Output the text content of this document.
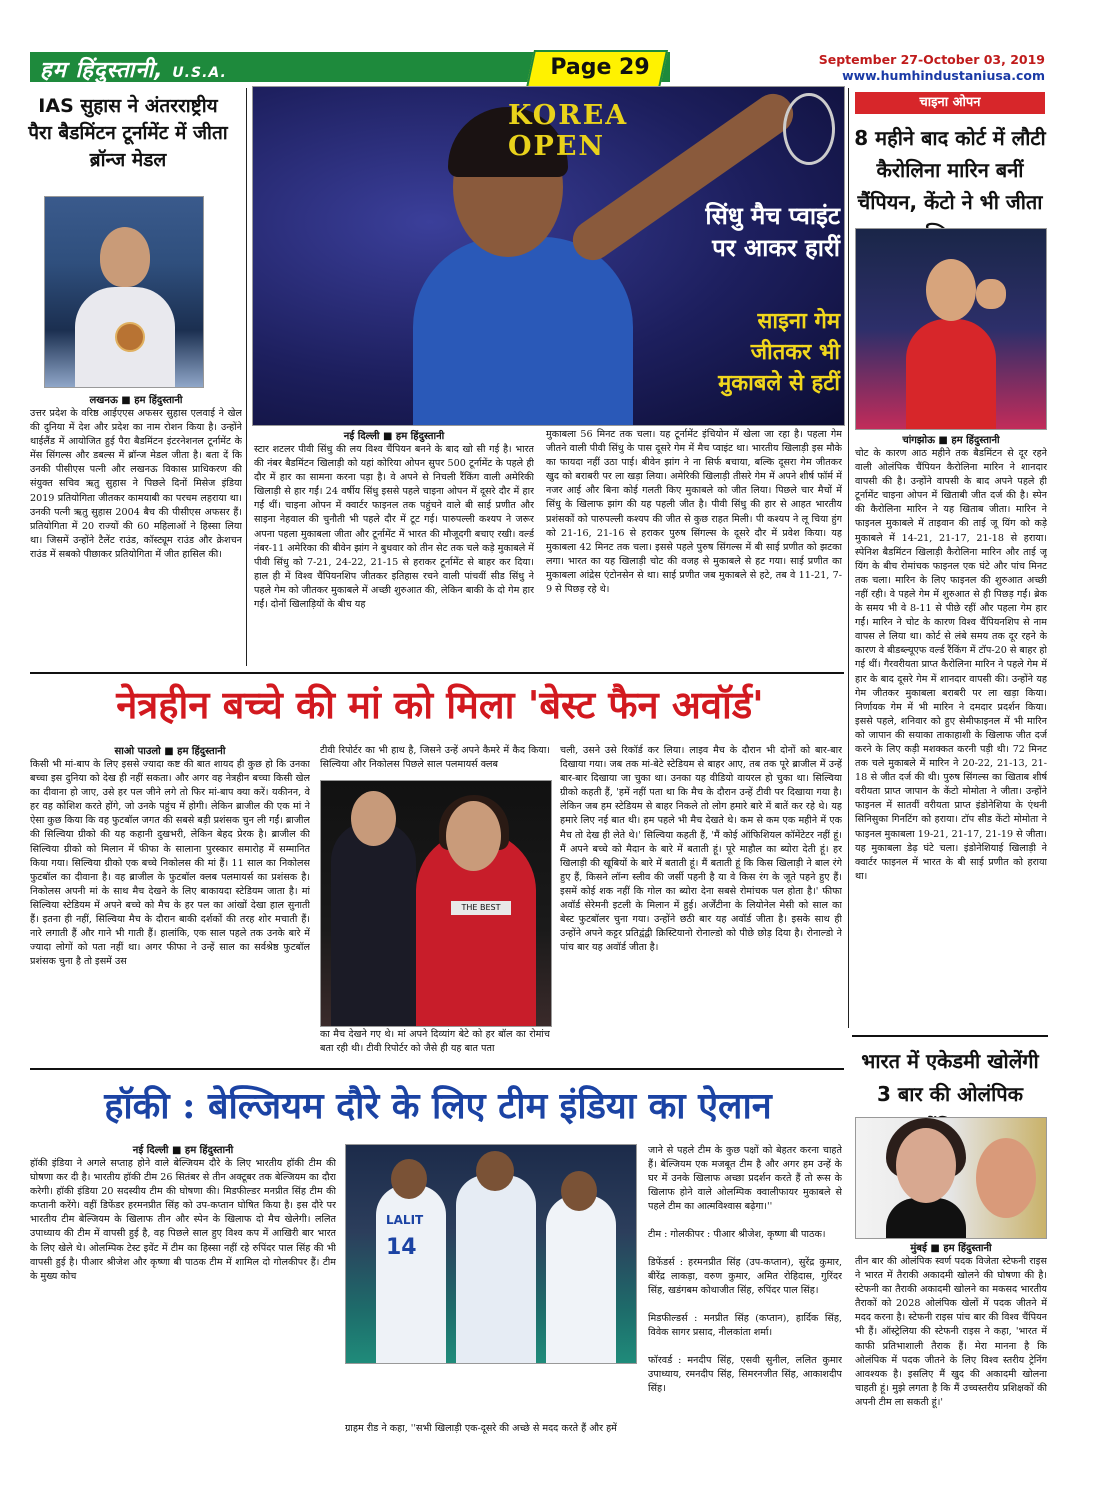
हम हिंदुस्तानी, U.S.A.	Page 29	September 27-October 03, 2019
www.humhindustaniusa.com
IAS सुहास ने अंतरराष्ट्रीय पैरा बैडमिंटन टूर्नामेंट में जीता ब्रॉन्ज मेडल

लखनऊ ■ हम हिंदुस्तानी

उत्तर प्रदेश के वरिष्ठ आईएएस अफसर सुहास एलवाई ने खेल की दुनिया में देश और प्रदेश का नाम रोशन किया है। उन्होंने थाईलैंड में आयोजित हुई पैरा बैडमिंटन इंटरनेशनल टूर्नामेंट के मेंस सिंगल्स और डबल्स में ब्रॉन्ज मेडल जीता है। बता दें कि उनकी पीसीएस पत्नी और लखनऊ विकास प्राधिकरण की संयुक्त सचिव ऋतु सुहास ने पिछले दिनों मिसेज इंडिया 2019 प्रतियोगिता जीतकर कामयाबी का परचम लहराया था। उनकी पत्नी ऋतु सुहास 2004 बैच की पीसीएस अफसर हैं। प्रतियोगिता में 20 राज्यों की 60 महिलाओं ने हिस्सा लिया था। जिसमें उन्होंने टैलेंट राउंड, कॉस्ट्यूम राउंड और क्रेशचन राउंड में सबको पीछाकर प्रतियोगिता में जीत हासिल की।

KOREA
OPEN
सिंधु मैच प्वाइंट पर आकर हारीं
साइना गेम जीतकर भी मुकाबले से हटीं

नई दिल्ली ■ हम हिंदुस्तानी

स्टार शटलर पीवी सिंधु की लय विश्व चैंपियन बनने के बाद खो सी गई है। भारत की नंबर बैडमिंटन खिलाड़ी को यहां कोरिया ओपन सुपर 500 टूर्नामेंट के पहले ही दौर में हार का सामना करना पड़ा है। वे अपने से निचली रैंकिंग वाली अमेरिकी खिलाड़ी से हार गईं। 24 वर्षीय सिंधु इससे पहले चाइना ओपन में दूसरे दौर में हार गईं थीं। चाइना ओपन में क्वार्टर फाइनल तक पहुंचने वाले बी साई प्रणीत और साइना नेहवाल की चुनौती भी पहले दौर में टूट गई। पारुपल्ली कश्यप ने जरूर अपना पहला मुकाबला जीता और टूर्नामेंट में भारत की मौजूदगी बचाए रखी। वर्ल्ड नंबर-11 अमेरिका की बीवेन झांग ने बुधवार को तीन सेट तक चले कड़े मुकाबले में पीवी सिंधु को 7-21, 24-22, 21-15 से हराकर टूर्नामेंट से बाहर कर दिया। हाल ही में विश्व चैंपियनशिप जीतकर इतिहास रचने वाली पांचवीं सीड सिंधु ने पहले गेम को जीतकर मुकाबले में अच्छी शुरुआत की, लेकिन बाकी के दो गेम हार गईं। दोनों खिलाड़ियों के बीच यह

मुकाबला 56 मिनट तक चला। यह टूर्नामेंट इंचियोन में खेला जा रहा है। पहला गेम जीतने वाली पीवी सिंधु के पास दूसरे गेम में मैच प्वाइंट था। भारतीय खिलाड़ी इस मौके का फायदा नहीं उठा पाई। बीवेन झांग ने ना सिर्फ बचाया, बल्कि दूसरा गेम जीतकर खुद को बराबरी पर ला खड़ा लिया। अमेरिकी खिलाड़ी तीसरे गेम में अपने शीर्ष फॉर्म में नजर आई और बिना कोई गलती किए मुकाबले को जीत लिया। पिछले चार मैचों में सिंधु के खिलाफ झांग की यह पहली जीत है। पीवी सिंधु की हार से आहत भारतीय प्रशंसकों को पारुपल्ली कश्यप की जीत से कुछ राहत मिली। पी कश्यप ने लू चिया हुंग को 21-16, 21-16 से हराकर पुरुष सिंगल्स के दूसरे दौर में प्रवेश किया। यह मुकाबला 42 मिनट तक चला। इससे पहले पुरुष सिंगल्स में बी साई प्रणीत को झटका लगा। भारत का यह खिलाड़ी चोट की वजह से मुकाबले से हट गया। साई प्रणीत का मुकाबला आंद्रेस एंटोनसेन से था। साई प्रणीत जब मुकाबले से हटे, तब वे 11-21, 7-9 से पिछड़ रहे थे।

चाइना ओपन
8 महीने बाद कोर्ट में लौटी कैरोलिना मारिन बनीं चैंपियन, केंटो ने भी जीता

चांगझोऊ ■ हम हिंदुस्तानी

चोट के कारण आठ महीने तक बैडमिंटन से दूर रहने वाली ओलंपिक चैंपियन कैरोलिना मारिन ने शानदार वापसी की है। उन्होंने वापसी के बाद अपने पहले ही टूर्नामेंट चाइना ओपन में खिताबी जीत दर्ज की है। स्पेन की कैरोलिना मारिन ने यह खिताब जीता। मारिन ने फाइनल मुकाबले में ताइवान की ताई जू यिंग को कड़े मुकाबले में 14-21, 21-17, 21-18 से हराया। स्पेनिश बैडमिंटन खिलाड़ी कैरोलिना मारिन और ताई जू यिंग के बीच रोमांचक फाइनल एक घंटे और पांच मिनट तक चला। मारिन के लिए फाइनल की शुरुआत अच्छी नहीं रही। वे पहले गेम में शुरुआत से ही पिछड़ गईं। ब्रेक के समय भी वे 8-11 से पीछे रहीं और पहला गेम हार गईं। मारिन ने चोट के कारण विश्व चैंपियनशिप से नाम वापस ले लिया था। कोर्ट से लंबे समय तक दूर रहने के कारण वे बीडब्ल्यूएफ वर्ल्ड रैंकिंग में टॉप-20 से बाहर हो गई थीं। गैरवरीयता प्राप्त कैरोलिना मारिन ने पहले गेम में हार के बाद दूसरे गेम में शानदार वापसी की। उन्होंने यह गेम जीतकर मुकाबला बराबरी पर ला खड़ा किया। निर्णायक गेम में भी मारिन ने दमदार प्रदर्शन किया। इससे पहले, शनिवार को हुए सेमीफाइनल में भी मारिन को जापान की सयाका ताकाहाशी के खिलाफ जीत दर्ज करने के लिए कड़ी मशक्कत करनी पड़ी थी। 72 मिनट तक चले मुकाबले में मारिन ने 20-22, 21-13, 21-18 से जीत दर्ज की थी। पुरुष सिंगल्स का खिताब शीर्ष वरीयता प्राप्त जापान के केंटो मोमोता ने जीता। उन्होंने फाइनल में सातवीं वरीयता प्राप्त इंडोनेशिया के एंथनी सिनिसुका गिनटिंग को हराया। टॉप सीड केंटो मोमोता ने फाइनल मुकाबला 19-21, 21-17, 21-19 से जीता। यह मुकाबला डेढ़ घंटे चला। इंडोनेशियाई खिलाड़ी ने क्वार्टर फाइनल में भारत के बी साई प्रणीत को हराया था।

नेत्रहीन बच्चे की मां को मिला 'बेस्ट फैन अवॉर्ड'

साओ पाउलो ■ हम हिंदुस्तानी

किसी भी मां-बाप के लिए इससे ज्यादा कष्ट की बात शायद ही कुछ हो कि उनका बच्चा इस दुनिया को देख ही नहीं सकता। और अगर वह नेत्रहीन बच्चा किसी खेल का दीवाना हो जाए, उसे हर पल जीने लगे तो फिर मां-बाप क्या करें। यकीनन, वे हर वह कोशिश करते होंगे, जो उनके पहुंच में होगी। लेकिन ब्राजील की एक मां ने ऐसा कुछ किया कि वह फुटबॉल जगत की सबसे बड़ी प्रशंसक चुन ली गईं। ब्राजील की सिल्विया ग्रीको की यह कहानी दुखभरी, लेकिन बेहद प्रेरक है। ब्राजील की सिल्विया ग्रीको को मिलान में फीफा के सालाना पुरस्कार समारोह में सम्मानित किया गया। सिल्विया ग्रीको एक बच्चे निकोलस की मां हैं। 11 साल का निकोलस फुटबॉल का दीवाना है। वह ब्राजील के फुटबॉल क्लब पलमायर्स का प्रशंसक है। निकोलस अपनी मां के साथ मैच देखने के लिए बाकायदा स्टेडियम जाता है। मां सिल्विया स्टेडियम में अपने बच्चे को मैच के हर पल का आंखों देखा हाल सुनाती हैं। इतना ही नहीं, सिल्विया मैच के दौरान बाकी दर्शकों की तरह शोर मचाती हैं। नारे लगाती हैं और गाने भी गाती हैं। हालांकि, एक साल पहले तक उनके बारे में ज्यादा लोगों को पता नहीं था। अगर फीफा ने उन्हें साल का सर्वश्रेष्ठ फुटबॉल प्रशंसक चुना है तो इसमें उस

टीवी रिपोर्टर का भी हाथ है, जिसने उन्हें अपने कैमरे में कैद किया। सिल्विया और निकोलस पिछले साल पलमायर्स क्लब

THE BEST

का मैच देखने गए थे। मां अपने दिव्यांग बेटे को हर बॉल का रोमांच बता रही थी। टीवी रिपोर्टर को जैसे ही यह बात पता

चली, उसने उसे रिकॉर्ड कर लिया। लाइव मैच के दौरान भी दोनों को बार-बार दिखाया गया। जब तक मां-बेटे स्टेडियम से बाहर आए, तब तक पूरे ब्राजील में उन्हें बार-बार दिखाया जा चुका था। उनका यह वीडियो वायरल हो चुका था। सिल्विया ग्रीको कहती हैं, 'हमें नहीं पता था कि मैच के दौरान उन्हें टीवी पर दिखाया गया है। लेकिन जब हम स्टेडियम से बाहर निकले तो लोग हमारे बारे में बातें कर रहे थे। यह हमारे लिए नई बात थी। हम पहले भी मैच देखते थे। कम से कम एक महीने में एक मैच तो देख ही लेते थे।' सिल्विया कहती हैं, 'मैं कोई ऑफिशियल कॉमेंटेटर नहीं हूं। मैं अपने बच्चे को मैदान के बारे में बताती हूं। पूरे माहौल का ब्योरा देती हूं। हर खिलाड़ी की खूबियों के बारे में बताती हूं। मैं बताती हूं कि किस खिलाड़ी ने बाल रंगे हुए हैं, किसने लॉन्ग स्लीव की जर्सी पहनी है या वे किस रंग के जूते पहने हुए हैं। इसमें कोई शक नहीं कि गोल का ब्योरा देना सबसे रोमांचक पल होता है।' फीफा अवॉर्ड सेरेमनी इटली के मिलान में हुई। अर्जेंटीना के लियोनेल मेसी को साल का बेस्ट फुटबॉलर चुना गया। उन्होंने छठी बार यह अवॉर्ड जीता है। इसके साथ ही उन्होंने अपने कट्टर प्रतिद्वंद्वी क्रिस्टियानो रोनाल्डो को पीछे छोड़ दिया है। रोनाल्डो ने पांच बार यह अवॉर्ड जीता है।

हॉकी : बेल्जियम दौरे के लिए टीम इंडिया का ऐलान

नई दिल्ली ■ हम हिंदुस्तानी

हॉकी इंडिया ने अगले सप्ताह होने वाले बेल्जियम दौरे के लिए भारतीय हॉकी टीम की घोषणा कर दी है। भारतीय हॉकी टीम 26 सितंबर से तीन अक्टूबर तक बेल्जियम का दौरा करेगी। हॉकी इंडिया 20 सदस्यीय टीम की घोषणा की। मिडफील्डर मनप्रीत सिंह टीम की कप्तानी करेंगे। वहीं डिफेंडर हरमनप्रीत सिंह को उप-कप्तान घोषित किया है। इस दौरे पर भारतीय टीम बेल्जियम के खिलाफ तीन और स्पेन के खिलाफ दो मैच खेलेगी। ललित उपाध्याय की टीम में वापसी हुई है, वह पिछले साल हुए विश्व कप में आखिरी बार भारत के लिए खेले थे। ओलम्पिक टेस्ट इवेंट में टीम का हिस्सा नहीं रहे रुपिंदर पाल सिंह की भी वापसी हुई है। पीआर श्रीजेश और कृष्णा बी पाठक टीम में शामिल दो गोलकीपर हैं। टीम के मुख्य कोच

LALIT
14

ग्राहम रीड ने कहा, ''सभी खिलाड़ी एक-दूसरे की अच्छे से मदद करते हैं और हमें

जाने से पहले टीम के कुछ पक्षों को बेहतर करना चाहते हैं। बेल्जियम एक मजबूत टीम है और अगर हम उन्हें के घर में उनके खिलाफ अच्छा प्रदर्शन करते हैं तो रूस के खिलाफ होने वाले ओलम्पिक क्वालीफायर मुकाबले से पहले टीम का आत्मविश्वास बढ़ेगा।''

टीम : गोलकीपर : पीआर श्रीजेश, कृष्णा बी पाठक।

डिफेंडर्स : हरमनप्रीत सिंह (उप-कप्तान), सुरेंद्र कुमार, बीरेंद्र लाकड़ा, वरुण कुमार, अमित रोहिदास, गुरिंदर सिंह, खडंगबम कोथाजीत सिंह, रुपिंदर पाल सिंह।

मिडफील्डर्स : मनप्रीत सिंह (कप्तान), हार्दिक सिंह, विवेक सागर प्रसाद, नीलकांता शर्मा।

फॉरवर्ड : मनदीप सिंह, एसवी सुनील, ललित कुमार उपाध्याय, रमनदीप सिंह, सिमरनजीत सिंह, आकाशदीप सिंह।

भारत में एकेडमी खोलेंगी 3 बार की ओलंपिक

मुंबई ■ हम हिंदुस्तानी

तीन बार की ओलंपिक स्वर्ण पदक विजेता स्टेफनी राइस ने भारत में तैराकी अकादमी खोलने की घोषणा की है। स्टेफनी का तैराकी अकादमी खोलने का मकसद भारतीय तैराकों को 2028 ओलंपिक खेलों में पदक जीतने में मदद करना है। स्टेफनी राइस पांच बार की विश्व चैंपियन भी हैं। ऑस्ट्रेलिया की स्टेफनी राइस ने कहा, 'भारत में काफी प्रतिभाशाली तैराक हैं। मेरा मानना है कि ओलंपिक में पदक जीतने के लिए विश्व स्तरीय ट्रेनिंग आवश्यक है। इसलिए मैं खुद की अकादमी खोलना चाहती हूं। मुझे लगता है कि मैं उच्चस्तरीय प्रशिक्षकों की अपनी टीम ला सकती हूं।'
